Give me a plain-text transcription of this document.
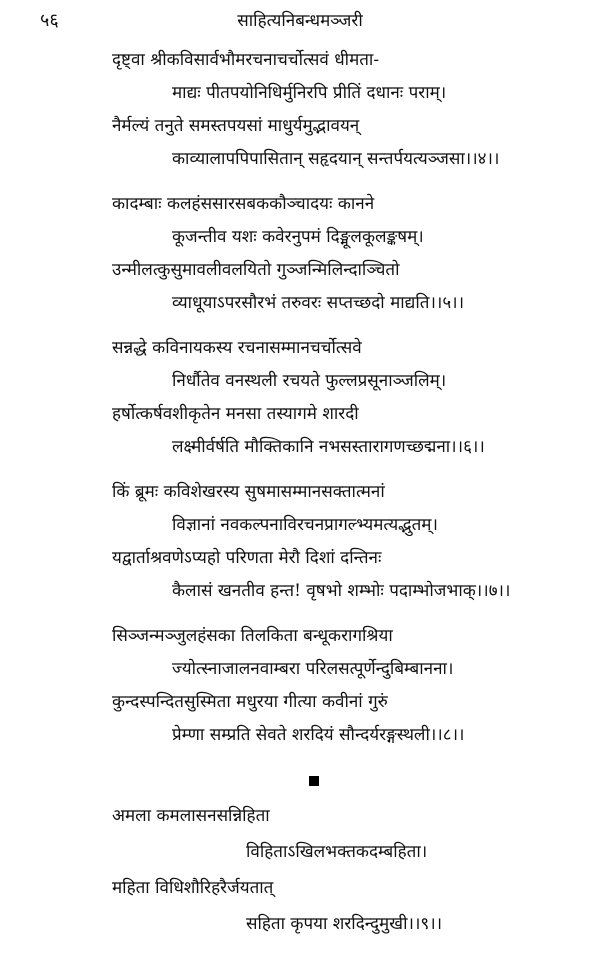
५६	साहित्यनिबन्धमञ्जरी
दृष्ट्वा श्रीकविसार्वभौमरचनाचर्चोत्सवं धीमता-
माद्यः पीतपयोनिधिर्मुनिरपि प्रीतिं दधानः पराम्।
नैर्मल्यं तनुते समस्तपयसां माधुर्यमुद्भावयन्
काव्यालापपिपासितान् सहृदयान् सन्तर्पयत्यञ्जसा।।४।।
कादम्बाः कलहंससारसबककौञ्चादयः कानने
कूजन्तीव यशः कवेरनुपमं दिङ्मूलकूलङ्कषम्।
उन्मीलत्कुसुमावलीवलयितो गुञ्जन्मिलिन्दाञ्चितो
व्याधूयाऽपरसौरभं तरुवरः सप्तच्छदो माद्यति।।५।।
सन्नद्धे कविनायकस्य रचनासम्मानचर्चोत्सवे
निर्धौतेव वनस्थली रचयते फुल्लप्रसूनाञ्जलिम्।
हर्षोत्कर्षवशीकृतेन मनसा तस्यागमे शारदी
लक्ष्मीर्वर्षति मौक्तिकानि नभसस्तारागणच्छद्मना।।६।।
किं ब्रूमः कविशेखरस्य सुषमासम्मानसक्तात्मनां
विज्ञानां नवकल्पनाविरचनप्रागल्भ्यमत्यद्भुतम्।
यद्वार्ताश्रवणेऽप्यहो परिणता मेरौ दिशां दन्तिनः
कैलासं खनतीव हन्त! वृषभो शम्भोः पदाम्भोजभाक्।।७।।
सिञ्जन्मञ्जुलहंसका तिलकिता बन्धूकरागश्रिया
ज्योत्स्नाजालनवाम्बरा परिलसत्पूर्णेन्दुबिम्बानना।
कुन्दस्पन्दितसुस्मिता मधुरया गीत्या कवीनां गुरुं
प्रेम्णा सम्प्रति सेवते शरदियं सौन्दर्यरङ्गस्थली।।८।।
अमला कमलासनसन्निहिता
विहिताऽखिलभक्तकदम्बहिता।
महिता विधिशौरिहरैर्जयतात्
सहिता कृपया शरदिन्दुमुखी।।९।।
